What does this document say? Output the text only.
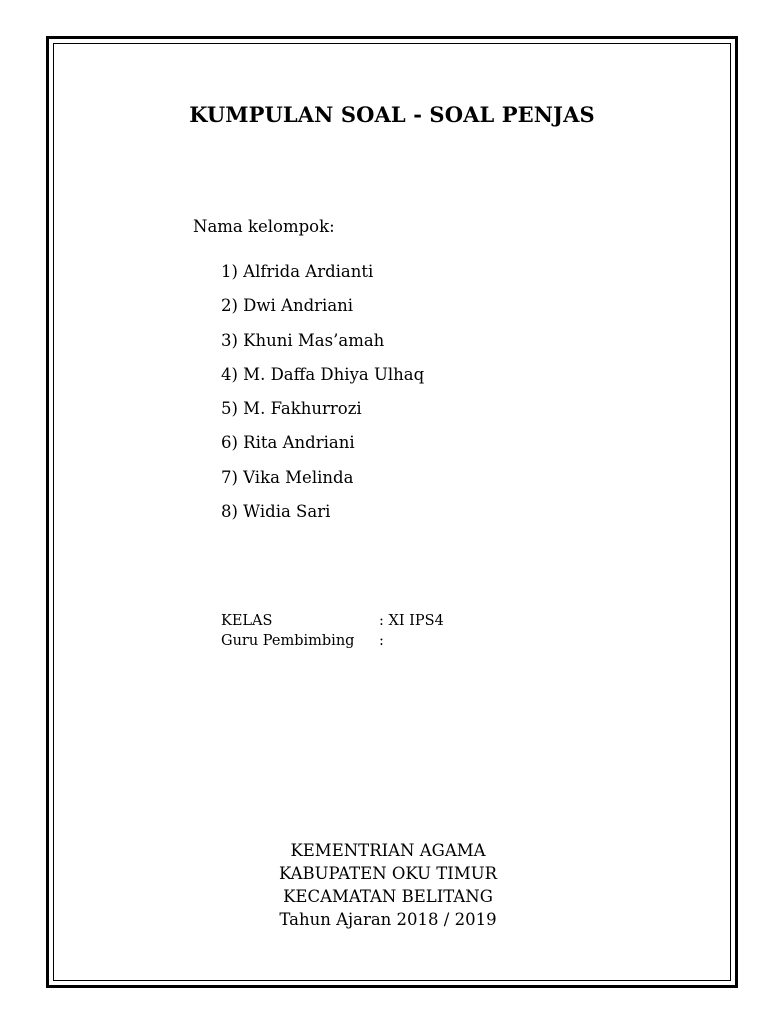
KUMPULAN SOAL - SOAL PENJAS
Nama kelompok:
1) Alfrida Ardianti
2) Dwi Andriani
3) Khuni Mas’amah
4) M. Daffa Dhiya Ulhaq
5) M. Fakhurrozi
6) Rita Andriani
7) Vika Melinda
8) Widia Sari
KELAS	: XI IPS4
Guru Pembimbing :
KEMENTRIAN AGAMA
KABUPATEN OKU TIMUR
KECAMATAN BELITANG
Tahun Ajaran 2018 / 2019
